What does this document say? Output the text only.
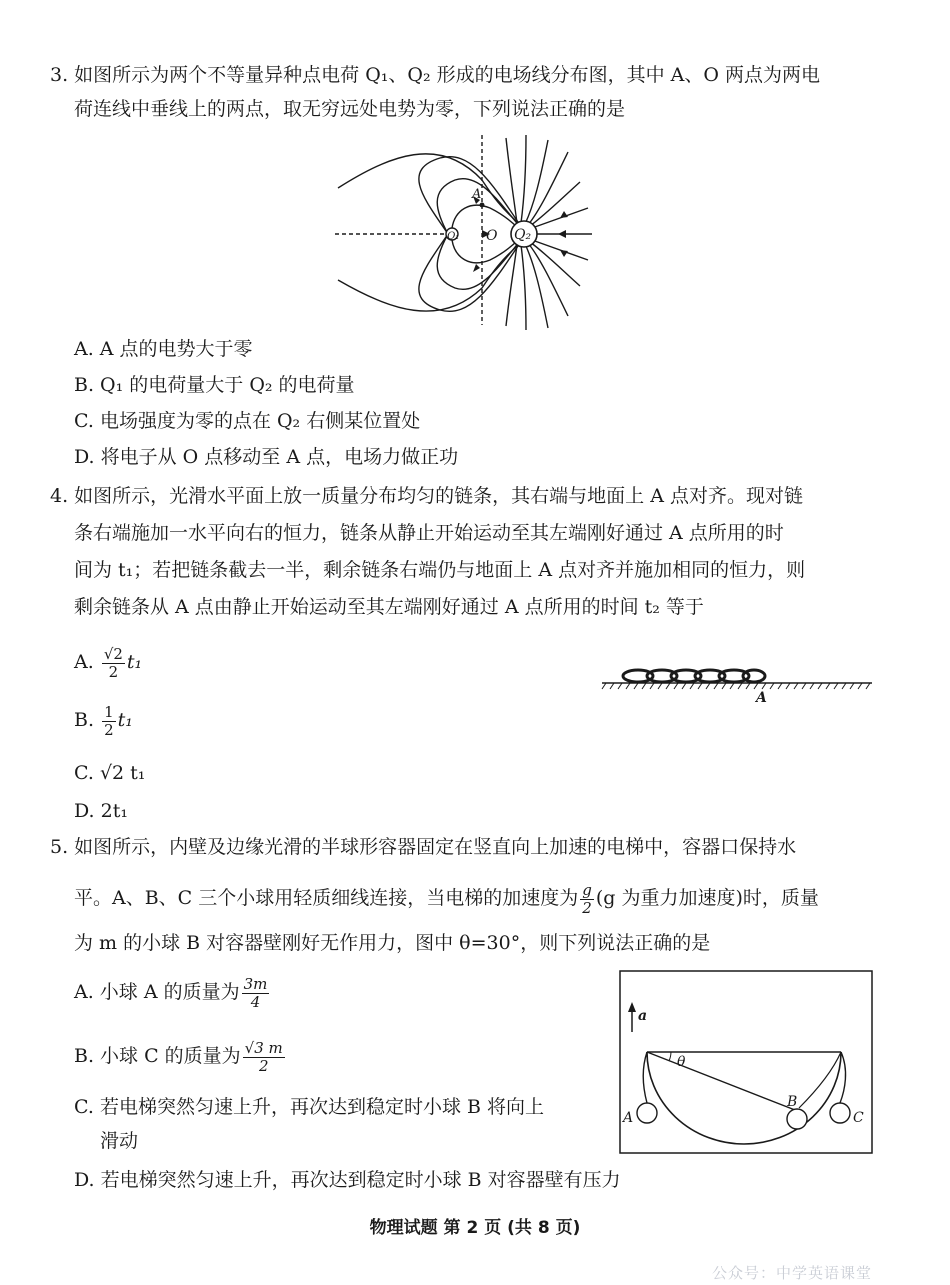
3. 如图所示为两个不等量异种点电荷 Q₁、Q₂ 形成的电场线分布图，其中 A、O 两点为两电
荷连线中垂线上的两点，取无穷远处电势为零，下列说法正确的是
Q₁	Q₂
O
A
A. A 点的电势大于零
B. Q₁ 的电荷量大于 Q₂ 的电荷量
C. 电场强度为零的点在 Q₂ 右侧某位置处
D. 将电子从 O 点移动至 A 点，电场力做正功
4. 如图所示，光滑水平面上放一质量分布均匀的链条，其右端与地面上 A 点对齐。现对链
条右端施加一水平向右的恒力，链条从静止开始运动至其左端刚好通过 A 点所用的时
间为 t₁；若把链条截去一半，剩余链条右端仍与地面上 A 点对齐并施加相同的恒力，则
剩余链条从 A 点由静止开始运动至其左端刚好通过 A 点所用的时间 t₂ 等于
A. $\frac{√2}{2} t_1$
B. $\frac{1}{2} t_1$
C. √2 t₁
D. 2t₁
A
5. 如图所示，内壁及边缘光滑的半球形容器固定在竖直向上加速的电梯中，容器口保持水
平。A、B、C 三个小球用轻质细线连接，当电梯的加速度为 $\frac{g}{2} (g$ 为重力加速度)时，质量
为 m 的小球 B 对容器壁刚好无作用力，图中 θ=30°，则下列说法正确的是
A. 小球 A 的质量为 $\frac{3m}{4}$
B. 小球 C 的质量为 $\frac{√3 m}{2}$
C. 若电梯突然匀速上升，再次达到稳定时小球 B 将向上
滑动
D. 若电梯突然匀速上升，再次达到稳定时小球 B 对容器壁有压力
a
θ
A
B
C
物理试题 第 2 页 (共 8 页)
公众号：中学英语课堂
